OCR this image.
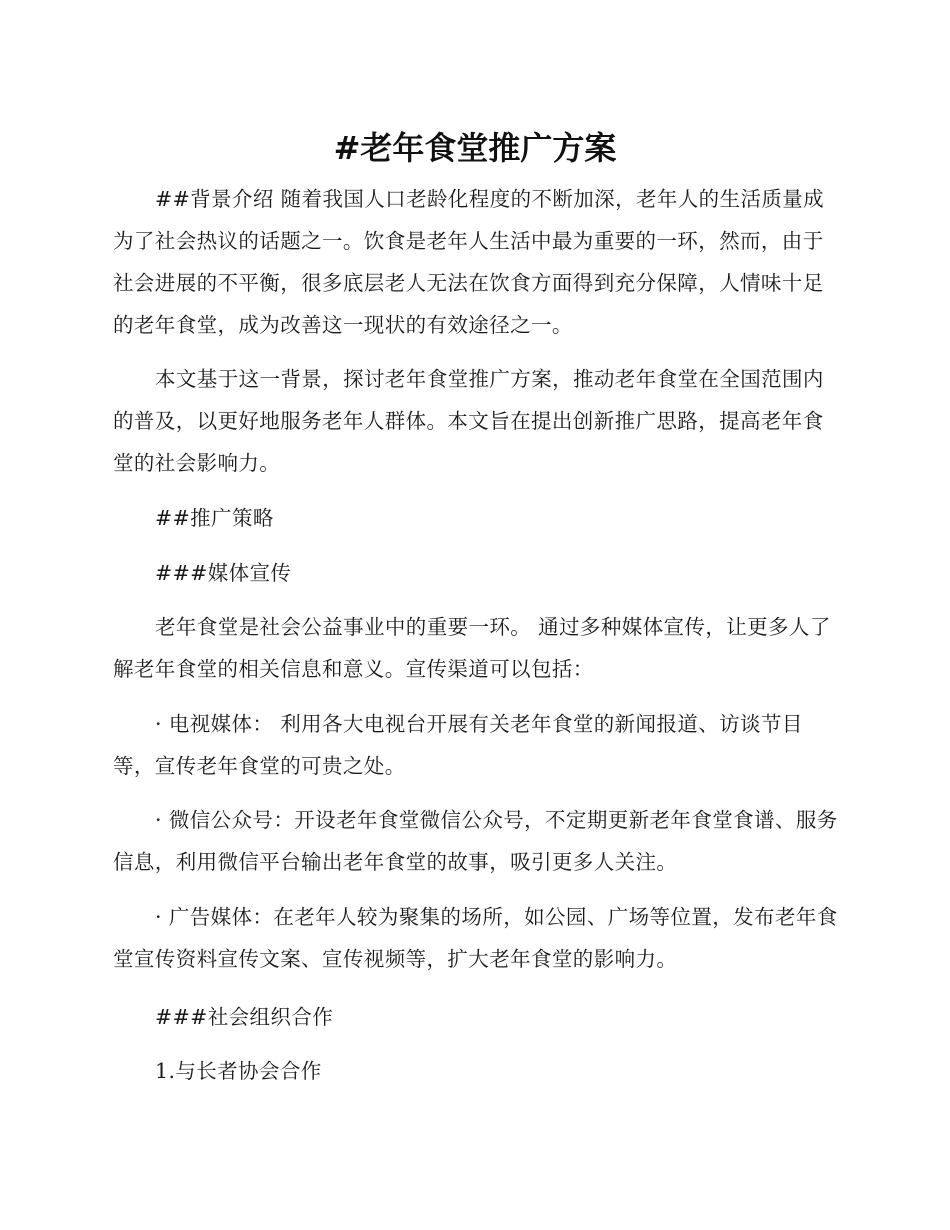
#老年食堂推广方案

##背景介绍 随着我国人口老龄化程度的不断加深，老年人的生活质量成为了社会热议的话题之一。饮食是老年人生活中最为重要的一环，然而，由于社会进展的不平衡，很多底层老人无法在饮食方面得到充分保障，人情味十足的老年食堂，成为改善这一现状的有效途径之一。

本文基于这一背景，探讨老年食堂推广方案，推动老年食堂在全国范围内的普及，以更好地服务老年人群体。本文旨在提出创新推广思路，提高老年食堂的社会影响力。

##推广策略

###媒体宣传

老年食堂是社会公益事业中的重要一环。 通过多种媒体宣传，让更多人了解老年食堂的相关信息和意义。宣传渠道可以包括：

· 电视媒体： 利用各大电视台开展有关老年食堂的新闻报道、访谈节目等，宣传老年食堂的可贵之处。

· 微信公众号：开设老年食堂微信公众号，不定期更新老年食堂食谱、服务信息，利用微信平台输出老年食堂的故事，吸引更多人关注。

· 广告媒体：在老年人较为聚集的场所，如公园、广场等位置，发布老年食堂宣传资料宣传文案、宣传视频等，扩大老年食堂的影响力。

###社会组织合作

1.与长者协会合作
